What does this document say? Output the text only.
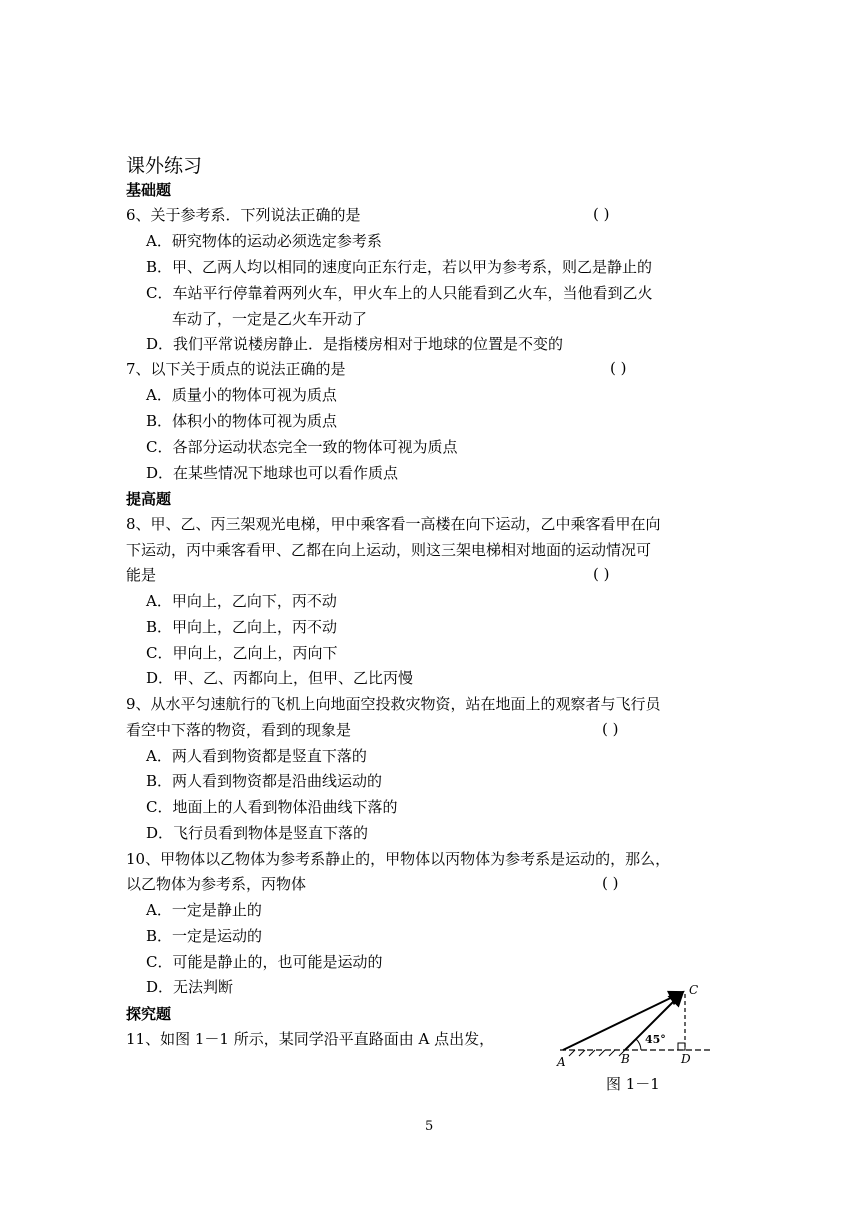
课外练习
基础题
6、关于参考系．下列说法正确的是	( )
A．研究物体的运动必须选定参考系
B．甲、乙两人均以相同的速度向正东行走，若以甲为参考系，则乙是静止的
C．车站平行停靠着两列火车，甲火车上的人只能看到乙火车，当他看到乙火
车动了，一定是乙火车开动了
D．我们平常说楼房静止．是指楼房相对于地球的位置是不变的
7、以下关于质点的说法正确的是	( )
A．质量小的物体可视为质点
B．体积小的物体可视为质点
C．各部分运动状态完全一致的物体可视为质点
D．在某些情况下地球也可以看作质点
提高题
8、甲、乙、丙三架观光电梯，甲中乘客看一高楼在向下运动，乙中乘客看甲在向
下运动，丙中乘客看甲、乙都在向上运动，则这三架电梯相对地面的运动情况可
能是	( )
A．甲向上，乙向下，丙不动
B．甲向上，乙向上，丙不动
C．甲向上，乙向上，丙向下
D．甲、乙、丙都向上，但甲、乙比丙慢
9、从水平匀速航行的飞机上向地面空投救灾物资，站在地面上的观察者与飞行员
看空中下落的物资，看到的现象是	( )
A．两人看到物资都是竖直下落的
B．两人看到物资都是沿曲线运动的
C．地面上的人看到物体沿曲线下落的
D．飞行员看到物体是竖直下落的
10、甲物体以乙物体为参考系静止的，甲物体以丙物体为参考系是运动的，那么，
以乙物体为参考系，丙物体	( )
A．一定是静止的
B．一定是运动的
C．可能是静止的，也可能是运动的
D．无法判断
探究题
11、如图 1－1 所示，某同学沿平直路面由 A 点出发，	45°
A	B
C
D
图 1－1
5
